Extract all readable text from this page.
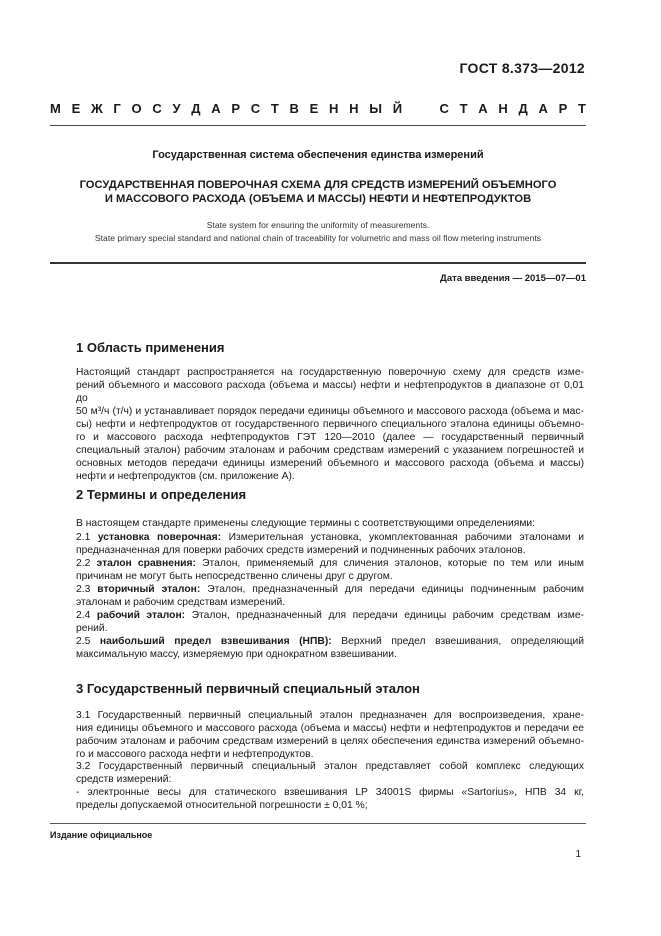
ГОСТ 8.373—2012
М Е Ж Г О С У Д А Р С Т В Е Н Н Ы Й	С Т А Н Д А Р Т
Государственная система обеспечения единства измерений
ГОСУДАРСТВЕННАЯ ПОВЕРОЧНАЯ СХЕМА ДЛЯ СРЕДСТВ ИЗМЕРЕНИЙ ОБЪЕМНОГО
И МАССОВОГО РАСХОДА (ОБЪЕМА И МАССЫ) НЕФТИ И НЕФТЕПРОДУКТОВ
State system for ensuring the uniformity of measurements.
State primary special standard and national chain of traceability for volumetric and mass oil flow metering instruments
Дата введения — 2015—07—01
1 Область применения
Настоящий стандарт распространяется на государственную поверочную схему для средств изме-
рений объемного и массового расхода (объема и массы) нефти и нефтепродуктов в диапазоне от 0,01 до
50 м³/ч (т/ч) и устанавливает порядок передачи единицы объемного и массового расхода (объема и мас-
сы) нефти и нефтепродуктов от государственного первичного специального эталона единицы объемно-
го и массового расхода нефтепродуктов ГЭТ 120—2010 (далее — государственный первичный
специальный эталон) рабочим эталонам и рабочим средствам измерений с указанием погрешностей и
основных методов передачи единицы измерений объемного и массового расхода (объема и массы)
нефти и нефтепродуктов (см. приложение А).
2 Термины и определения
В настоящем стандарте применены следующие термины с соответствующими определениями:
2.1 установка поверочная: Измерительная установка, укомплектованная рабочими эталонами и
предназначенная для поверки рабочих средств измерений и подчиненных рабочих эталонов.
2.2 эталон сравнения: Эталон, применяемый для сличения эталонов, которые по тем или иным
причинам не могут быть непосредственно сличены друг с другом.
2.3 вторичный эталон: Эталон, предназначенный для передачи единицы подчиненным рабочим
эталонам и рабочим средствам измерений.
2.4 рабочий эталон: Эталон, предназначенный для передачи единицы рабочим средствам изме-
рений.
2.5 наибольший предел взвешивания (НПВ): Верхний предел взвешивания, определяющий
максимальную массу, измеряемую при однократном взвешивании.
3 Государственный первичный специальный эталон
3.1 Государственный первичный специальный эталон предназначен для воспроизведения, хране-
ния единицы объемного и массового расхода (объема и массы) нефти и нефтепродуктов и передачи ее
рабочим эталонам и рабочим средствам измерений в целях обеспечения единства измерений объемно-
го и массового расхода нефти и нефтепродуктов.
3.2 Государственный первичный специальный эталон представляет собой комплекс следующих
средств измерений:
- электронные весы для статического взвешивания LP 34001S фирмы «Sartorius», НПВ 34 кг,
пределы допускаемой относительной погрешности ± 0,01 %;
Издание официальное
1
